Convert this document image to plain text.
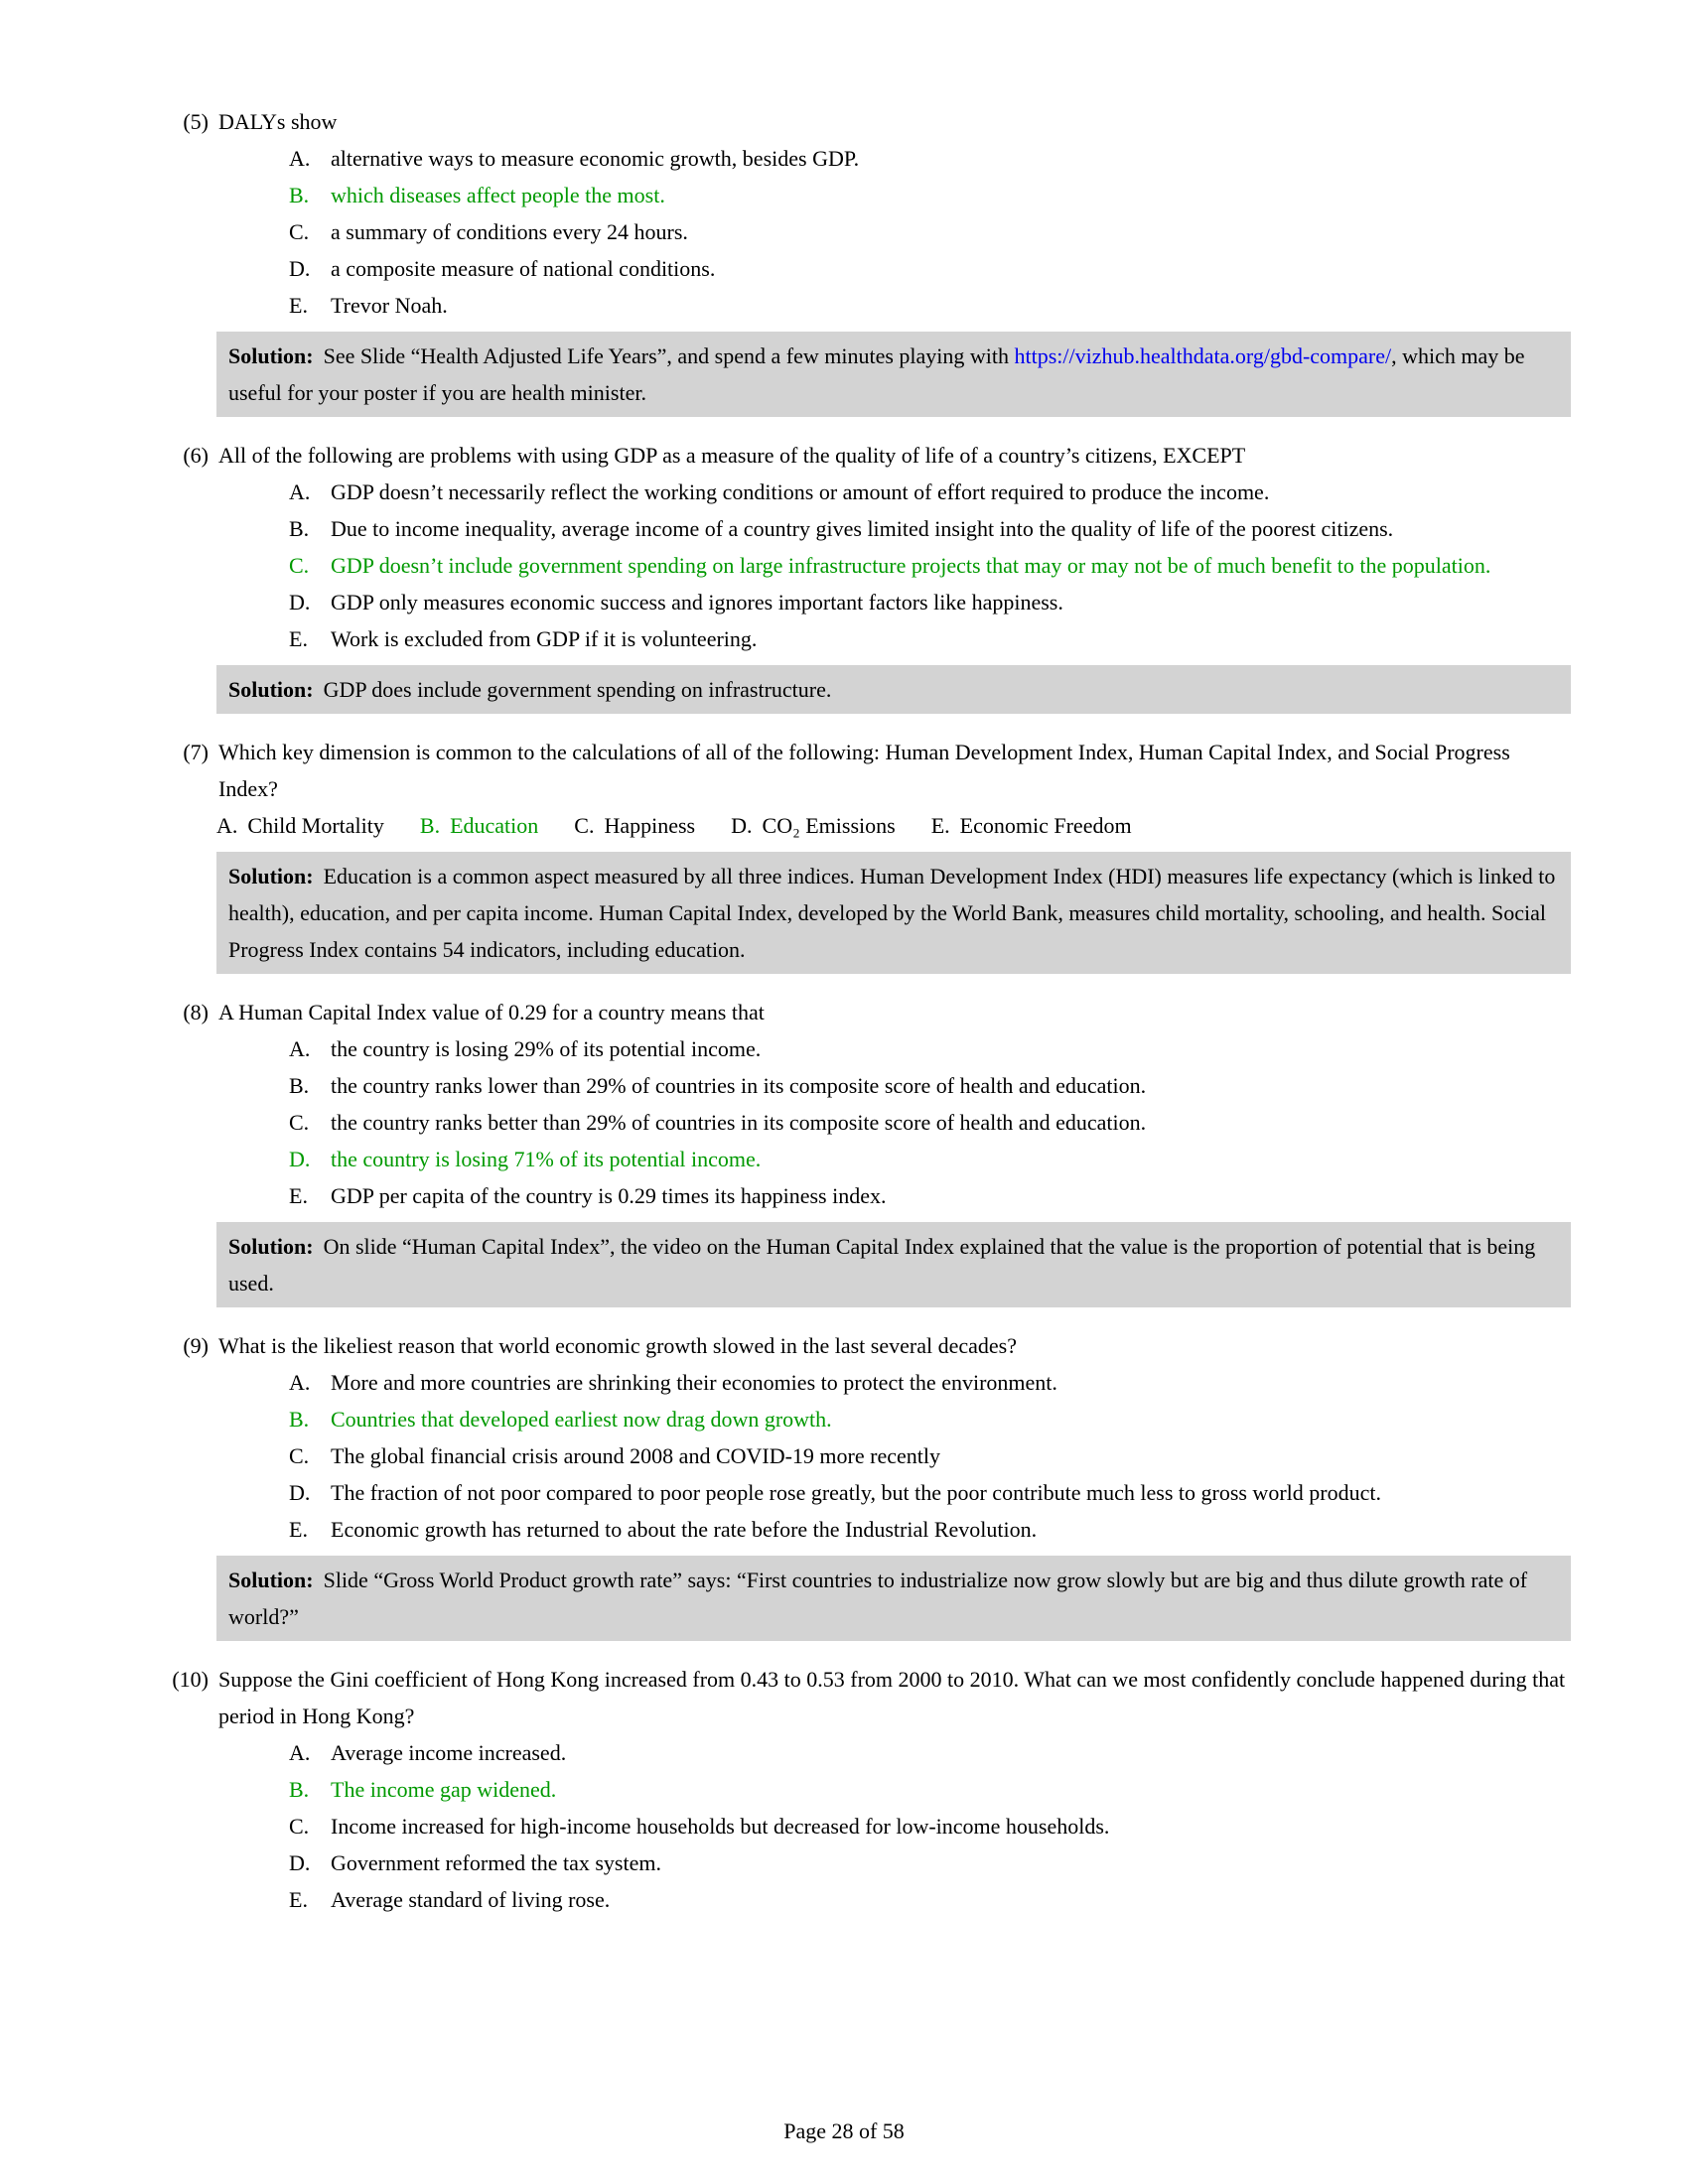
(5) DALYs show
A. alternative ways to measure economic growth, besides GDP.
B. which diseases affect people the most.
C. a summary of conditions every 24 hours.
D. a composite measure of national conditions.
E.	Trevor Noah.

Solution: See Slide “Health Adjusted Life Years”, and spend a few minutes playing with https://vizhub.healthdata.org/gbd-compare/, which may be useful for your poster if you are health minister.

(6) All of the following are problems with using GDP as a measure of the quality of life of a country’s citizens, EXCEPT
A. GDP doesn’t necessarily reflect the working conditions or amount of effort required to produce the income.
B. Due to income inequality, average income of a country gives limited insight into the quality of life of the poorest citizens.
C. GDP doesn’t include government spending on large infrastructure projects that may or may not be of much benefit to the population.
D. GDP only measures economic success and ignores important factors like happiness.
E.	Work is excluded from GDP if it is volunteering.

Solution: GDP does include government spending on infrastructure.

(7) Which key dimension is common to the calculations of all of the following: Human Development Index, Human Capital Index, and Social Progress Index?
A. Child Mortality B. Education C. Happiness D. CO₂ Emissions E. Economic Freedom

Solution: Education is a common aspect measured by all three indices. Human Development Index (HDI) measures life expectancy (which is linked to health), education, and per capita income. Human Capital Index, developed by the World Bank, measures child mortality, schooling, and health. Social Progress Index contains 54 indicators, including education.

(8) A Human Capital Index value of 0.29 for a country means that
A. the country is losing 29% of its potential income.
B. the country ranks lower than 29% of countries in its composite score of health and education.
C. the country ranks better than 29% of countries in its composite score of health and education.
D. the country is losing 71% of its potential income.
E.	GDP per capita of the country is 0.29 times its happiness index.

Solution: On slide “Human Capital Index”, the video on the Human Capital Index explained that the value is the proportion of potential that is being used.

(9) What is the likeliest reason that world economic growth slowed in the last several decades?
A. More and more countries are shrinking their economies to protect the environment.
B. Countries that developed earliest now drag down growth.
C. The global financial crisis around 2008 and COVID-19 more recently
D. The fraction of not poor compared to poor people rose greatly, but the poor contribute much less to gross world product.
E.	Economic growth has returned to about the rate before the Industrial Revolution.

Solution: Slide “Gross World Product growth rate” says: “First countries to industrialize now grow slowly but are big and thus dilute growth rate of world?”

(10) Suppose the Gini coefficient of Hong Kong increased from 0.43 to 0.53 from 2000 to 2010. What can we most confidently conclude happened during that period in Hong Kong?
A. Average income increased.
B. The income gap widened.
C. Income increased for high-income households but decreased for low-income households.
D. Government reformed the tax system.
E.	Average standard of living rose.
Page 28 of 58
